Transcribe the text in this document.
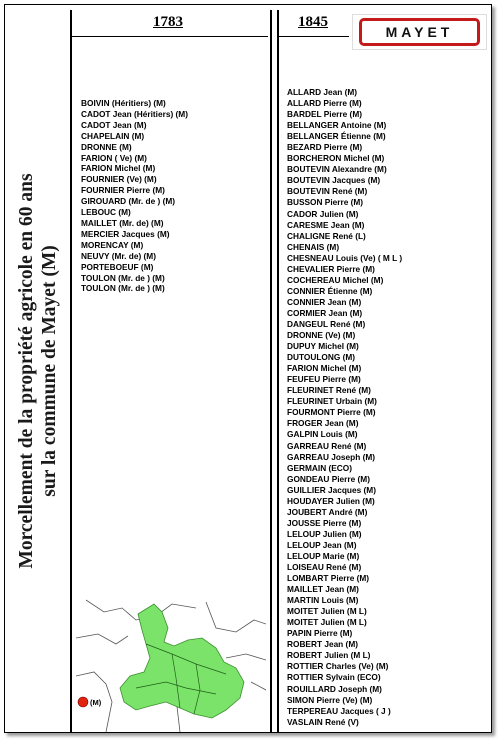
Morcellement de la propriété agricole en 60 ans sur la commune de Mayet (M)
1783	1845
BOIVIN (Héritiers) (M)
CADOT Jean (Héritiers) (M)
CADOT Jean (M)
CHAPELAIN (M)
DRONNE (M)
FARION ( Ve) (M)
FARION Michel (M)
FOURNIER (Ve) (M)
FOURNIER Pierre (M)
GIROUARD (Mr. de ) (M)
LEBOUC (M)
MAILLET (Mr. de) (M)
MERCIER Jacques (M)
MORENCAY (M)
NEUVY (Mr. de) (M)
PORTEBOEUF (M)
TOULON (Mr. de ) (M)
TOULON (Mr. de ) (M)
ALLARD Jean (M)
ALLARD Pierre (M)
BARDEL Pierre (M)
BELLANGER Antoine (M)
BELLANGER Étienne (M)
BEZARD Pierre (M)
BORCHERON Michel (M)
BOUTEVIN Alexandre (M)
BOUTEVIN Jacques (M)
BOUTEVIN René (M)
BUSSON Pierre (M)
CADOR Julien (M)
CARESME Jean (M)
CHALIGNE René (L)
CHENAIS (M)
CHESNEAU Louis (Ve) ( M L )
CHEVALIER Pierre (M)
COCHEREAU Michel (M)
CONNIER Étienne (M)
CONNIER Jean (M)
CORMIER Jean (M)
DANGEUL René (M)
DRONNE (Ve) (M)
DUPUY Michel (M)
DUTOULONG (M)
FARION Michel (M)
FEUFEU Pierre (M)
FLEURINET René (M)
FLEURINET Urbain (M)
FOURMONT Pierre (M)
FROGER Jean (M)
GALPIN Louis (M)
GARREAU René (M)
GARREAU Joseph (M)
GERMAIN (ECO)
GONDEAU Pierre (M)
GUILLIER Jacques (M)
HOUDAYER Julien (M)
JOUBERT André (M)
JOUSSE Pierre (M)
LELOUP Julien (M)
LELOUP Jean (M)
LELOUP Marie (M)
LOISEAU René (M)
LOMBART Pierre (M)
MAILLET Jean (M)
MARTIN Louis (M)
MOITET Julien (M L)
MOITET Julien (M L)
PAPIN Pierre (M)
ROBERT Jean (M)
ROBERT Julien (M L)
ROTTIER Charles (Ve) (M)
ROTTIER Sylvain (ECO)
ROUILLARD Joseph (M)
SIMON Pierre (Ve) (M)
TERPEREAU Jacques ( J )
VASLAIN René (V)
MAYET
(M)
